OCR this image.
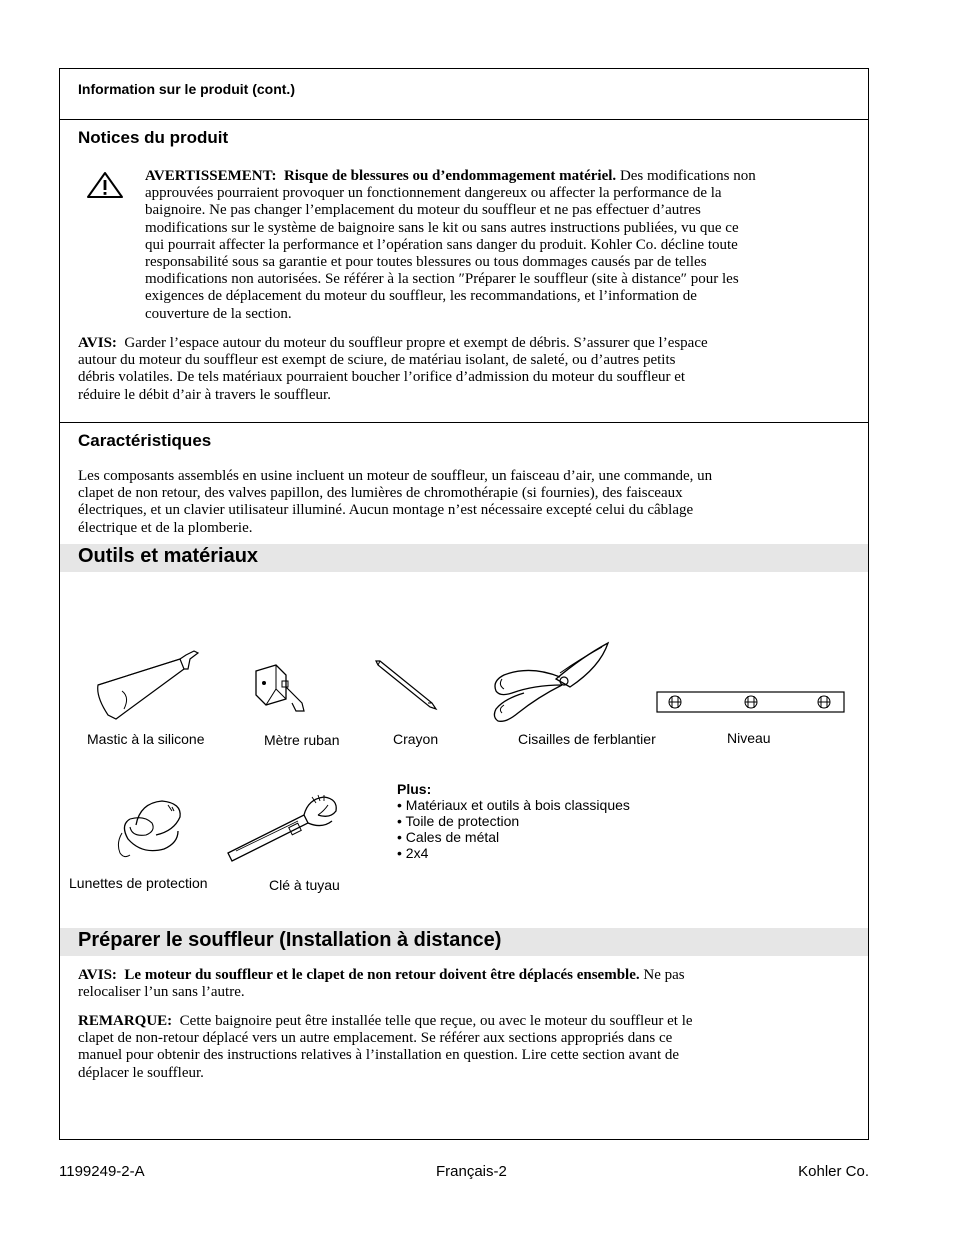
Information sur le produit (cont.)
Notices du produit
AVERTISSEMENT: Risque de blessures ou d’endommagement matériel. Des modifications non
approuvées pourraient provoquer un fonctionnement dangereux ou affecter la performance de la
baignoire. Ne pas changer l’emplacement du moteur du souffleur et ne pas effectuer d’autres
modifications sur le système de baignoire sans le kit ou sans autres instructions publiées, vu que ce
qui pourrait affecter la performance et l’opération sans danger du produit. Kohler Co. décline toute
responsabilité sous sa garantie et pour toutes blessures ou tous dommages causés par de telles
modifications non autorisées. Se référer à la section ″Préparer le souffleur (site à distance″ pour les
exigences de déplacement du moteur du souffleur, les recommandations, et l’information de
couverture de la section.
AVIS: Garder l’espace autour du moteur du souffleur propre et exempt de débris. S’assurer que l’espace
autour du moteur du souffleur est exempt de sciure, de matériau isolant, de saleté, ou d’autres petits
débris volatiles. De tels matériaux pourraient boucher l’orifice d’admission du moteur du souffleur et
réduire le débit d’air à travers le souffleur.
Caractéristiques
Les composants assemblés en usine incluent un moteur de souffleur, un faisceau d’air, une commande, un
clapet de non retour, des valves papillon, des lumières de chromothérapie (si fournies), des faisceaux
électriques, et un clavier utilisateur illuminé. Aucun montage n’est nécessaire excepté celui du câblage
électrique et de la plomberie.
Outils et matériaux
Mastic à la silicone	Mètre ruban	Crayon	Cisailles de ferblantier	Niveau
Lunettes de protection	Clé à tuyau
Plus:
• Matériaux et outils à bois classiques
• Toile de protection
• Cales de métal
• 2x4
Préparer le souffleur (Installation à distance)
AVIS: Le moteur du souffleur et le clapet de non retour doivent être déplacés ensemble. Ne pas
relocaliser l’un sans l’autre.
REMARQUE: Cette baignoire peut être installée telle que reçue, ou avec le moteur du souffleur et le
clapet de non-retour déplacé vers un autre emplacement. Se référer aux sections appropriés dans ce
manuel pour obtenir des instructions relatives à l’installation en question. Lire cette section avant de
déplacer le souffleur.
1199249-2-A	Français-2	Kohler Co.
